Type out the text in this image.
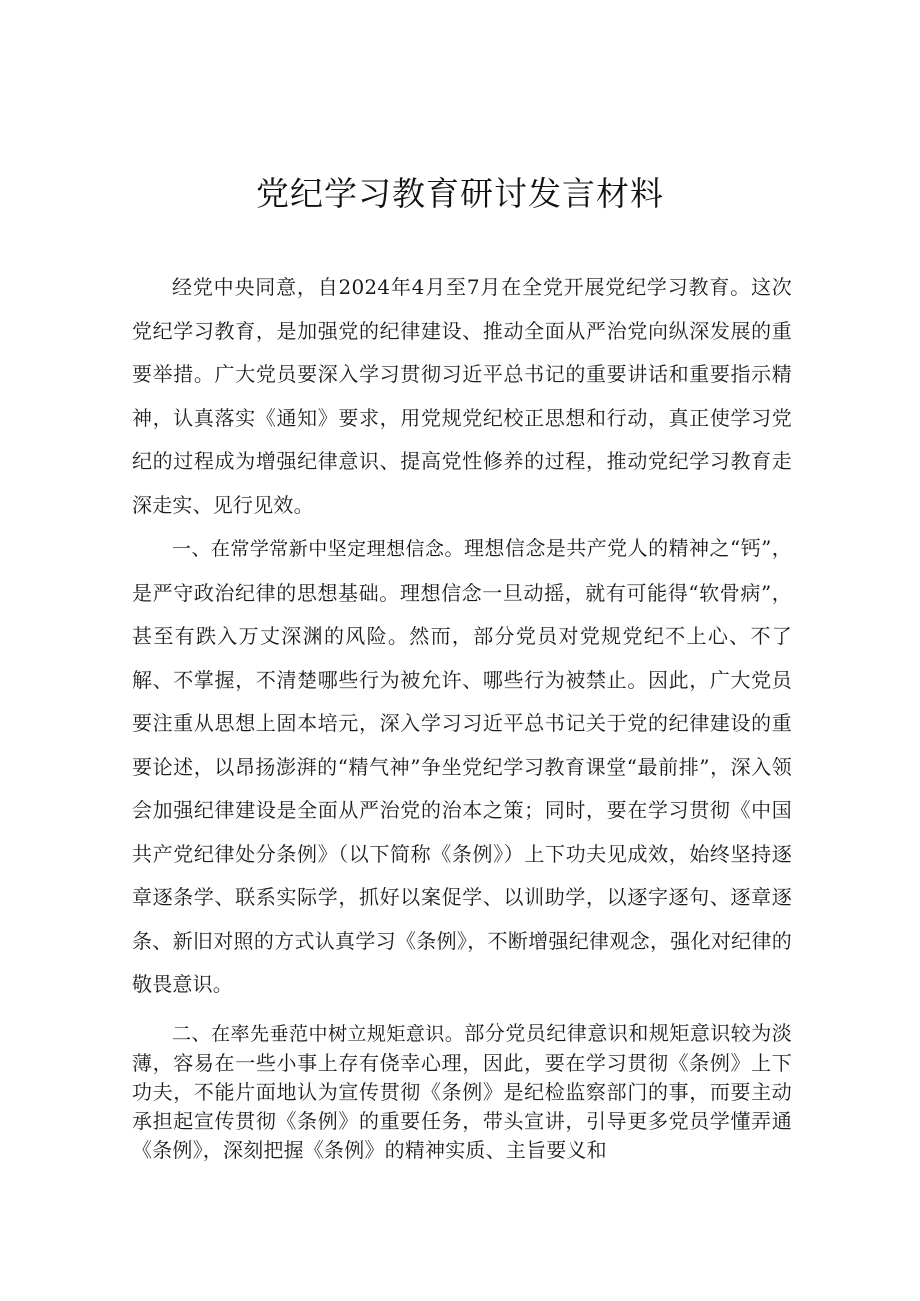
党纪学习教育研讨发言材料

经党中央同意，自2024年4月至7月在全党开展党纪学习教育。这次党纪学习教育，是加强党的纪律建设、推动全面从严治党向纵深发展的重要举措。广大党员要深入学习贯彻习近平总书记的重要讲话和重要指示精神，认真落实《通知》要求，用党规党纪校正思想和行动，真正使学习党纪的过程成为增强纪律意识、提高党性修养的过程，推动党纪学习教育走深走实、见行见效。

一、在常学常新中坚定理想信念。理想信念是共产党人的精神之“钙”，是严守政治纪律的思想基础。理想信念一旦动摇，就有可能得“软骨病”，甚至有跌入万丈深渊的风险。然而，部分党员对党规党纪不上心、不了解、不掌握，不清楚哪些行为被允许、哪些行为被禁止。因此，广大党员要注重从思想上固本培元，深入学习习近平总书记关于党的纪律建设的重要论述，以昂扬澎湃的“精气神”争坐党纪学习教育课堂“最前排”，深入领会加强纪律建设是全面从严治党的治本之策；同时，要在学习贯彻《中国共产党纪律处分条例》（以下简称《条例》）上下功夫见成效，始终坚持逐章逐条学、联系实际学，抓好以案促学、以训助学，以逐字逐句、逐章逐条、新旧对照的方式认真学习《条例》，不断增强纪律观念，强化对纪律的敬畏意识。

二、在率先垂范中树立规矩意识。部分党员纪律意识和规矩意识较为淡薄，容易在一些小事上存有侥幸心理，因此，要在学习贯彻《条例》上下功夫，不能片面地认为宣传贯彻《条例》是纪检监察部门的事，而要主动承担起宣传贯彻《条例》的重要任务，带头宣讲，引导更多党员学懂弄通《条例》，深刻把握《条例》的精神实质、主旨要义和
